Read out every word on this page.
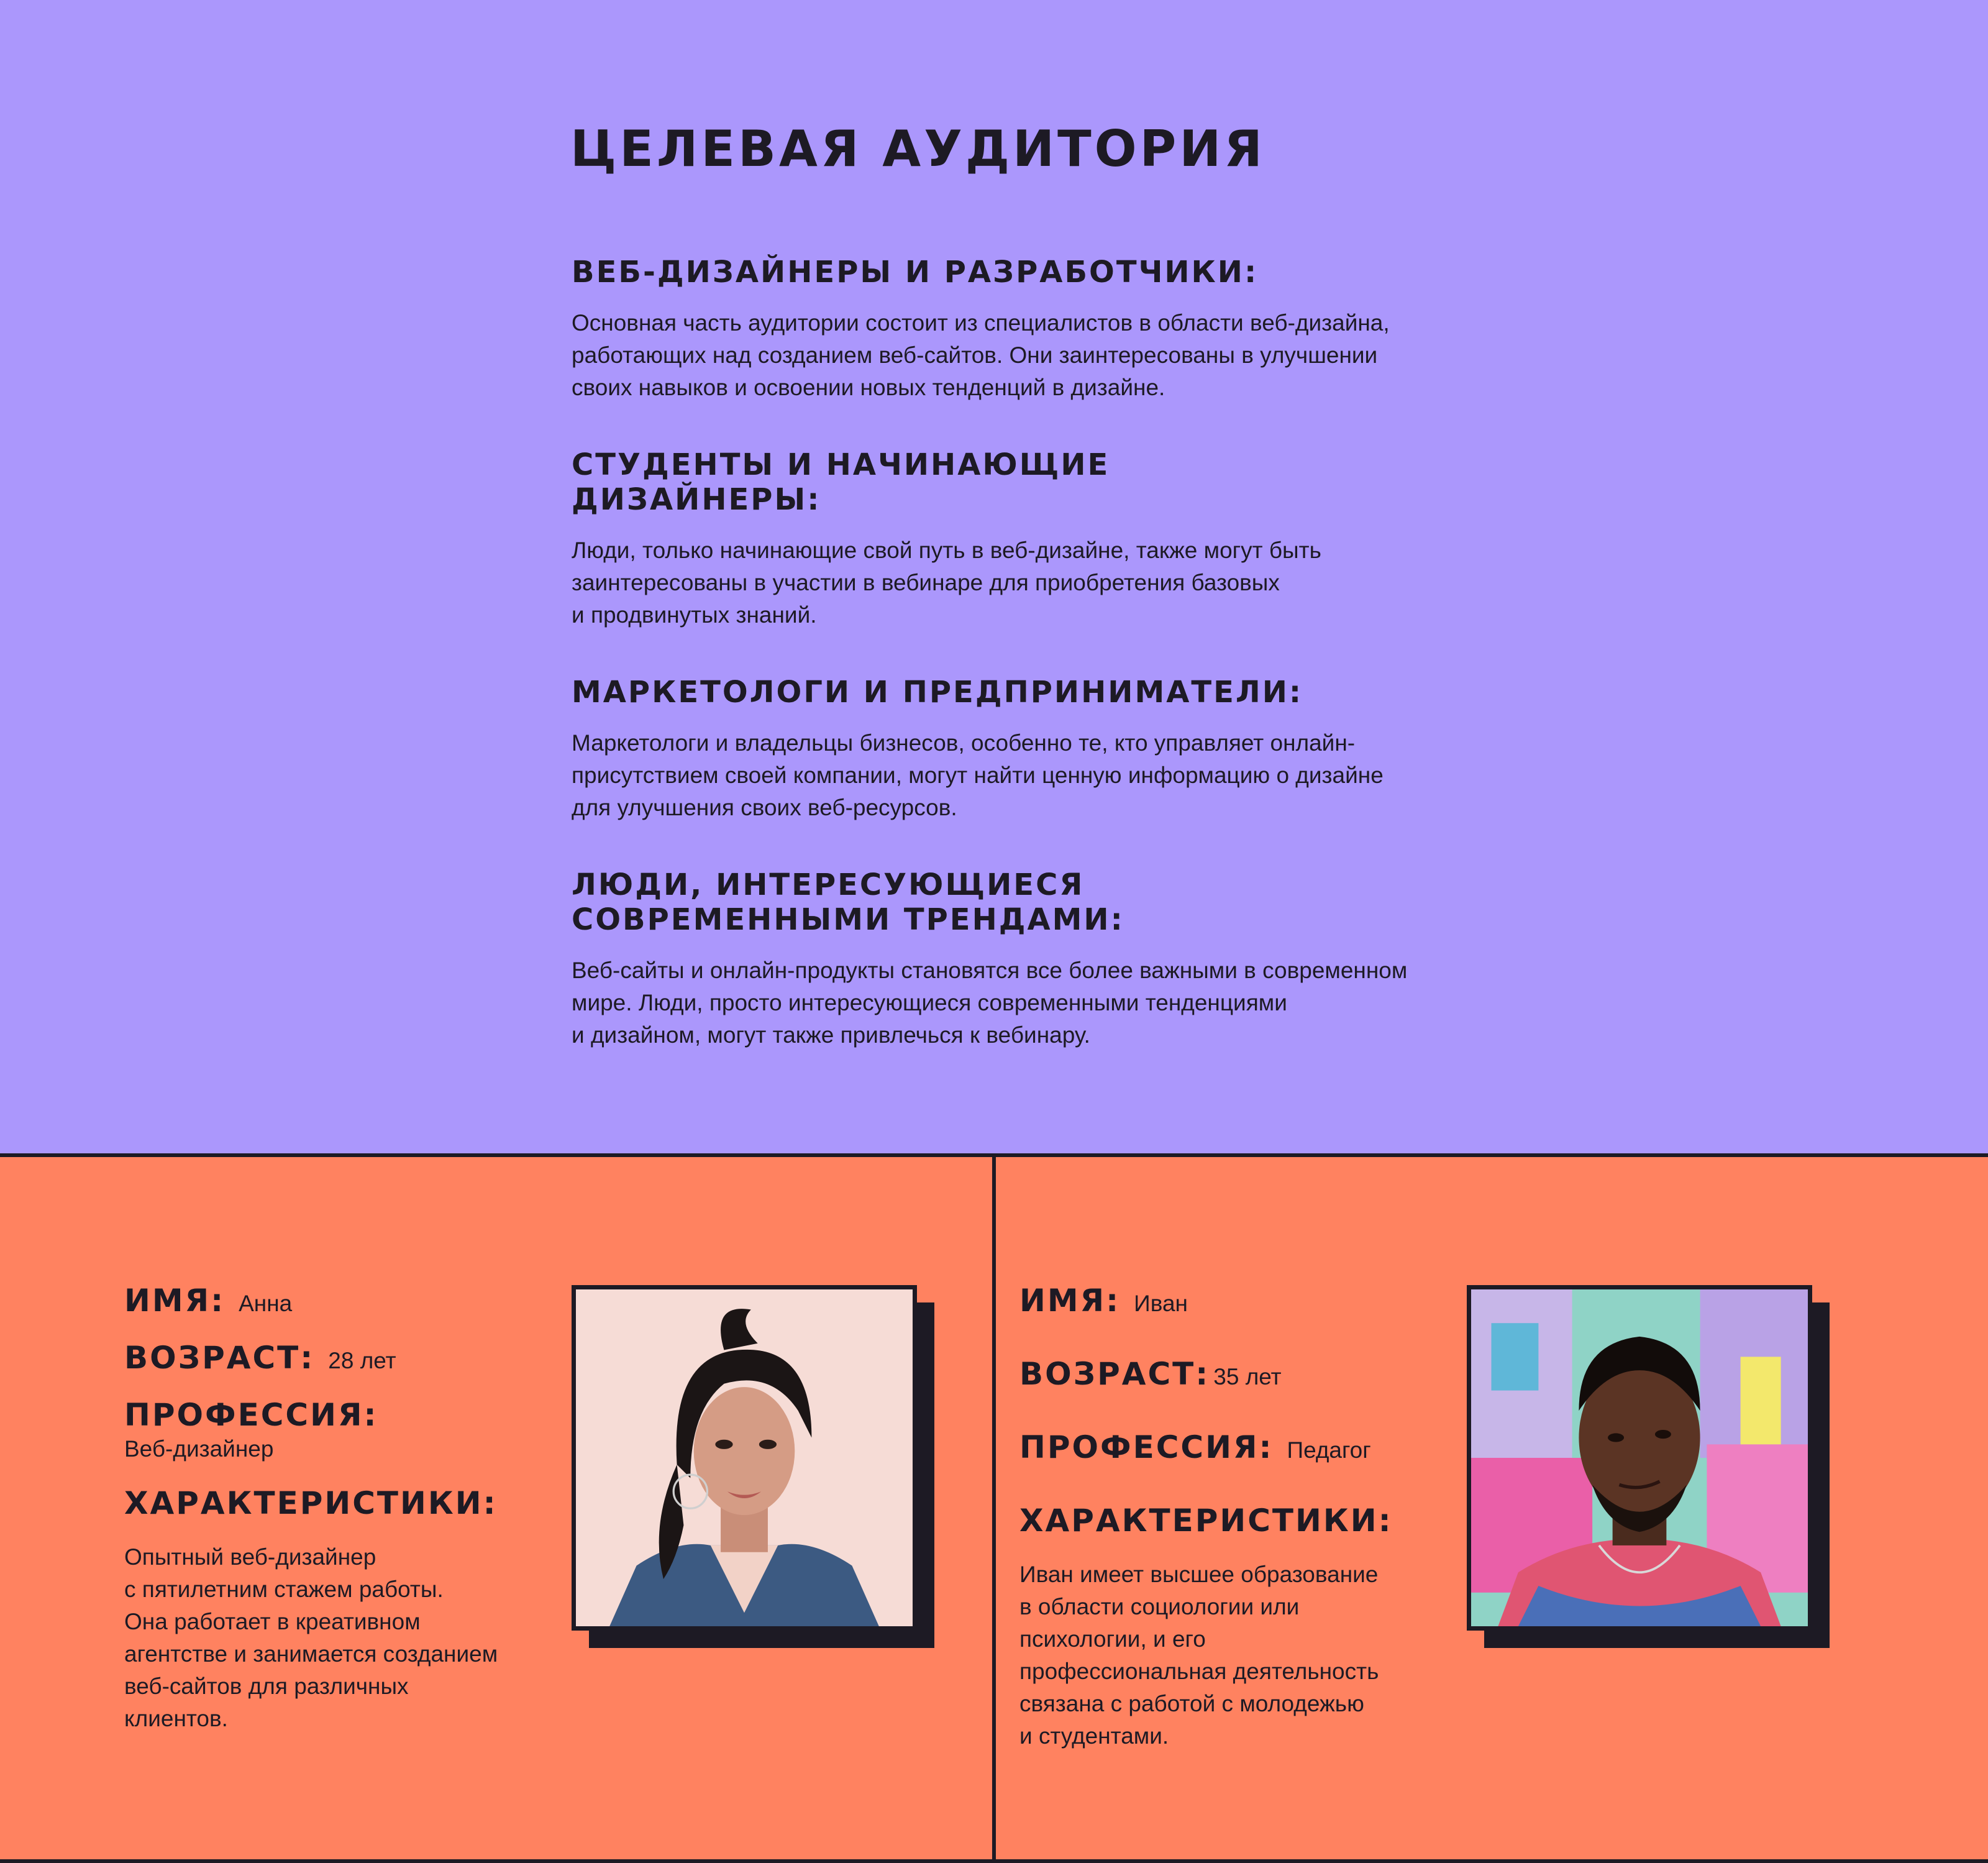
ЦЕЛЕВАЯ АУДИТОРИЯ
ВЕБ-ДИЗАЙНЕРЫ И РАЗРАБОТЧИКИ:

Основная часть аудитории состоит из специалистов в области веб-дизайна,
работающих над созданием веб-сайтов. Они заинтересованы в улучшении
своих навыков и освоении новых тенденций в дизайне.

СТУДЕНТЫ И НАЧИНАЮЩИЕ
ДИЗАЙНЕРЫ:

Люди, только начинающие свой путь в веб-дизайне, также могут быть
заинтересованы в участии в вебинаре для приобретения базовых
и продвинутых знаний.

МАРКЕТОЛОГИ И ПРЕДПРИНИМАТЕЛИ:

Маркетологи и владельцы бизнесов, особенно те, кто управляет онлайн-
присутствием своей компании, могут найти ценную информацию о дизайне
для улучшения своих веб-ресурсов.

ЛЮДИ, ИНТЕРЕСУЮЩИЕСЯ
СОВРЕМЕННЫМИ ТРЕНДАМИ:

Веб-сайты и онлайн-продукты становятся все более важными в современном
мире. Люди, просто интересующиеся современными тенденциями
и дизайном, могут также привлечься к вебинару.

ИМЯ: Анна
ВОЗРАСТ: 28 лет
ПРОФЕССИЯ:
Веб-дизайнер
ХАРАКТЕРИСТИКИ:

Опытный веб-дизайнер
с пятилетним стажем работы.
Она работает в креативном
агентстве и занимается созданием
веб-сайтов для различных
клиентов.

ИМЯ: Иван
ВОЗРАСТ: 35 лет
ПРОФЕССИЯ: Педагог
ХАРАКТЕРИСТИКИ:

Иван имеет высшее образование
в области социологии или
психологии, и его
профессиональная деятельность
связана с работой с молодежью
и студентами.
